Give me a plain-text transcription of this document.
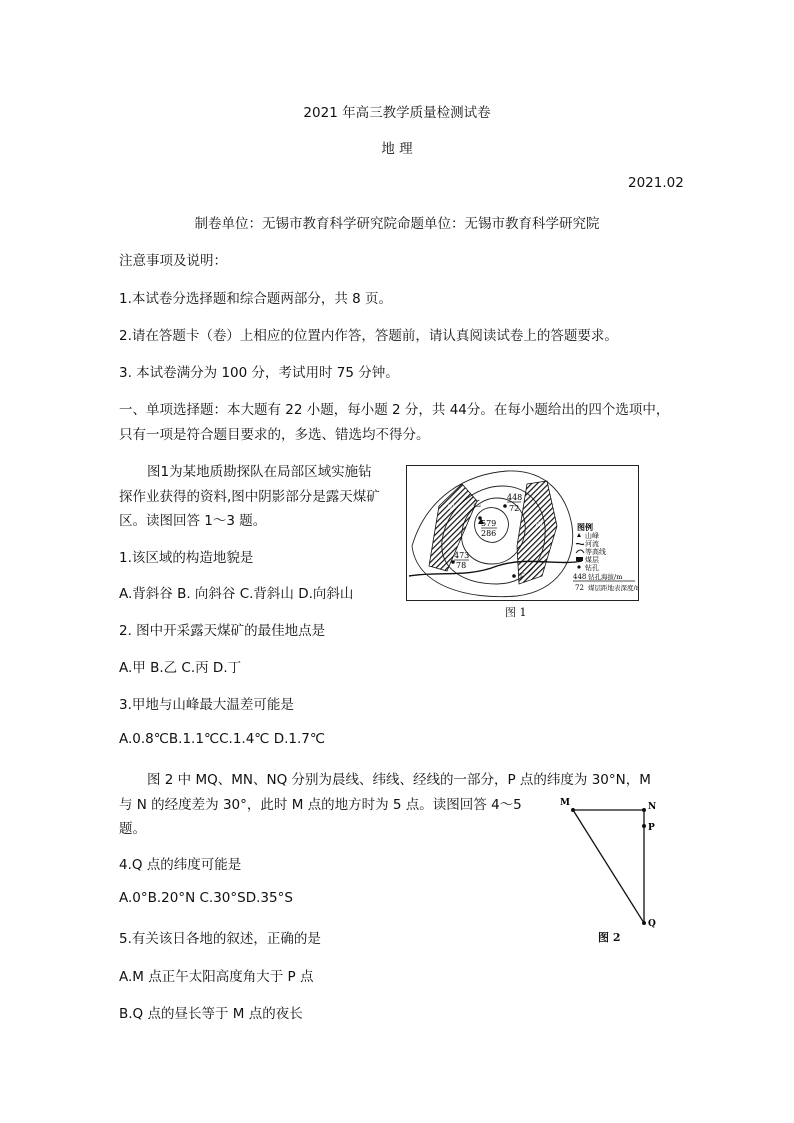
2021 年高三教学质量检测试卷
地 理
2021.02
制卷单位：无锡市教育科学研究院命题单位：无锡市教育科学研究院
注意事项及说明：
1.本试卷分选择题和综合题两部分，共 8 页。
2.请在答题卡（卷）上相应的位置内作答，答题前，请认真阅读试卷上的答题要求。
3. 本试卷满分为 100 分，考试用时 75 分钟。
一、单项选择题：本大题有 22 小题，每小题 2 分，共 44分。在每小题给出的四个选项中，
只有一项是符合题目要求的，多选、错选均不得分。
图1为某地质勘探队在局部区域实施钻
探作业获得的资料,图中阴影部分是露天煤矿
区。读图回答 1～3 题。
448
72
579
286
473
78
甲
乙
丙
丁
图例
山峰
河流
等高线
煤层
钻孔
448 钻孔海拔/m
72 煤层距地表深度/m
图 1
1.该区域的构造地貌是
A.背斜谷 B. 向斜谷 C.背斜山 D.向斜山
2. 图中开采露天煤矿的最佳地点是
A.甲 B.乙 C.丙 D.丁
3.甲地与山峰最大温差可能是
A.0.8℃B.1.1℃C.1.4℃ D.1.7℃
图 2 中 MQ、MN、NQ 分别为晨线、纬线、经线的一部分，P 点的纬度为 30°N，M
与 N 的经度差为 30°，此时 M 点的地方时为 5 点。读图回答 4～5
题。
M	N
P
Q
图 2
4.Q 点的纬度可能是
A.0°B.20°N C.30°SD.35°S
5.有关该日各地的叙述，正确的是
A.M 点正午太阳高度角大于 P 点
B.Q 点的昼长等于 M 点的夜长
